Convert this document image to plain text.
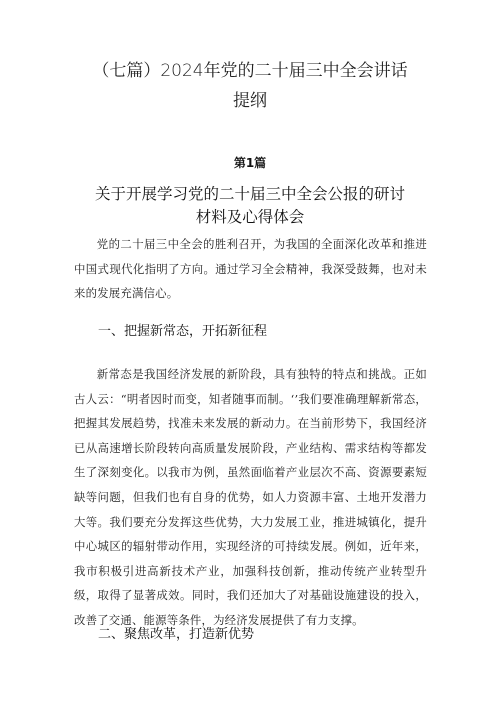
（七篇）2024年党的二十届三中全会讲话
提纲
第1篇
关于开展学习党的二十届三中全会公报的研讨
材料及心得体会

党的二十届三中全会的胜利召开，为我国的全面深化改革和推进中国式现代化指明了方向。通过学习全会精神，我深受鼓舞，也对未来的发展充满信心。

一、把握新常态，开拓新征程

新常态是我国经济发展的新阶段，具有独特的特点和挑战。正如古人云：“明者因时而变，知者随事而制。‘’我们要准确理解新常态，把握其发展趋势，找准未来发展的新动力。在当前形势下，我国经济已从高速增长阶段转向高质量发展阶段，产业结构、需求结构等都发生了深刻变化。以我市为例，虽然面临着产业层次不高、资源要素短缺等问题，但我们也有自身的优势，如人力资源丰富、土地开发潜力大等。我们要充分发挥这些优势，大力发展工业，推进城镇化，提升中心城区的辐射带动作用，实现经济的可持续发展。例如，近年来，我市积极引进高新技术产业，加强科技创新，推动传统产业转型升级，取得了显著成效。同时，我们还加大了对基础设施建设的投入，改善了交通、能源等条件，为经济发展提供了有力支撑。

二、聚焦改革，打造新优势
